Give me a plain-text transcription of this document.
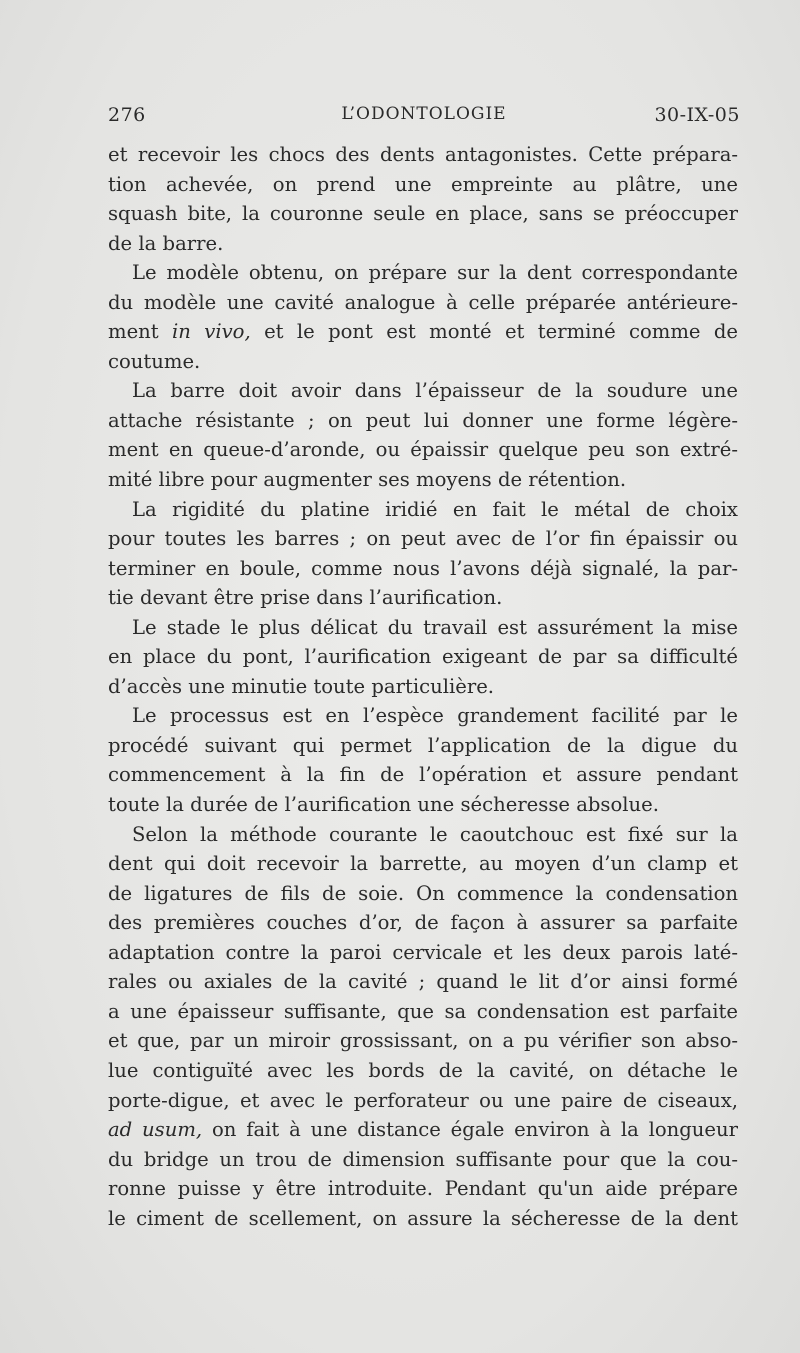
276	L’ODONTOLOGIE	30-IX-05
et recevoir les chocs des dents antagonistes. Cette prépara-
tion achevée, on prend une empreinte au plâtre, une
squash bite, la couronne seule en place, sans se préoccuper
de la barre.
Le modèle obtenu, on prépare sur la dent correspondante
du modèle une cavité analogue à celle préparée antérieure-
ment in vivo, et le pont est monté et terminé comme de
coutume.
La barre doit avoir dans l’épaisseur de la soudure une
attache résistante ; on peut lui donner une forme légère-
ment en queue-d’aronde, ou épaissir quelque peu son extré-
mité libre pour augmenter ses moyens de rétention.
La rigidité du platine iridié en fait le métal de choix
pour toutes les barres ; on peut avec de l’or fin épaissir ou
terminer en boule, comme nous l’avons déjà signalé, la par-
tie devant être prise dans l’aurification.
Le stade le plus délicat du travail est assurément la mise
en place du pont, l’aurification exigeant de par sa difficulté
d’accès une minutie toute particulière.
Le processus est en l’espèce grandement facilité par le
procédé suivant qui permet l’application de la digue du
commencement à la fin de l’opération et assure pendant
toute la durée de l’aurification une sécheresse absolue.
Selon la méthode courante le caoutchouc est fixé sur la
dent qui doit recevoir la barrette, au moyen d’un clamp et
de ligatures de fils de soie. On commence la condensation
des premières couches d’or, de façon à assurer sa parfaite
adaptation contre la paroi cervicale et les deux parois laté-
rales ou axiales de la cavité ; quand le lit d’or ainsi formé
a une épaisseur suffisante, que sa condensation est parfaite
et que, par un miroir grossissant, on a pu vérifier son abso-
lue contiguïté avec les bords de la cavité, on détache le
porte-digue, et avec le perforateur ou une paire de ciseaux,
ad usum, on fait à une distance égale environ à la longueur
du bridge un trou de dimension suffisante pour que la cou-
ronne puisse y être introduite. Pendant qu'un aide prépare
le ciment de scellement, on assure la sécheresse de la dent
